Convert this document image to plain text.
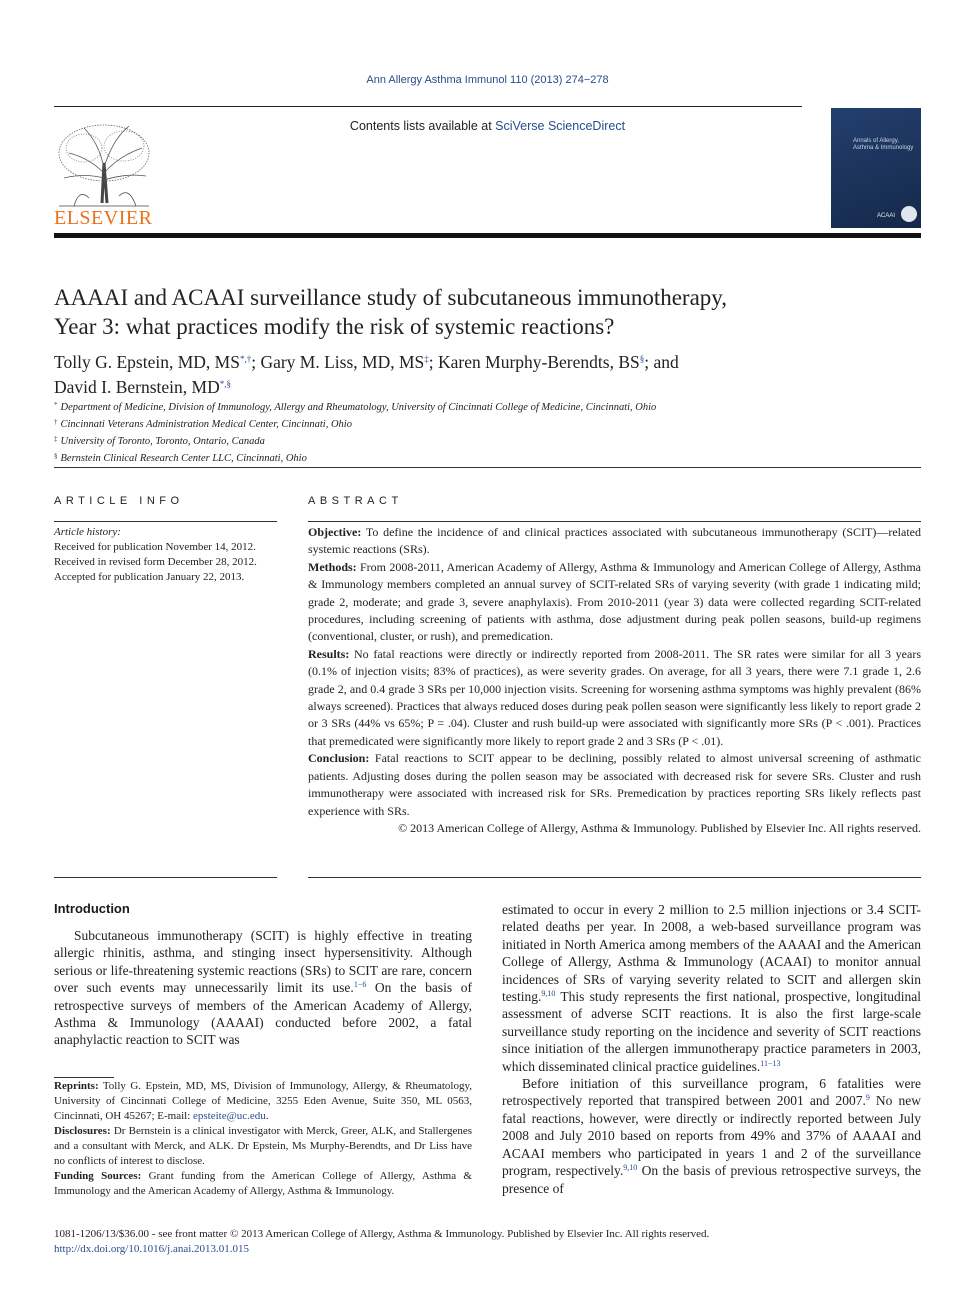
Ann Allergy Asthma Immunol 110 (2013) 274−278
ELSEVIER
Contents lists available at SciVerse ScienceDirect
Annals of Allergy, Asthma & Immunology
ACAAI
AAAAI and ACAAI surveillance study of subcutaneous immunotherapy,
Year 3: what practices modify the risk of systemic reactions?
Tolly G. Epstein, MD, MS*,†; Gary M. Liss, MD, MS‡; Karen Murphy-Berendts, BS§; and
David I. Bernstein, MD*,§
* Department of Medicine, Division of Immunology, Allergy and Rheumatology, University of Cincinnati College of Medicine, Cincinnati, Ohio
† Cincinnati Veterans Administration Medical Center, Cincinnati, Ohio
‡ University of Toronto, Toronto, Ontario, Canada
§ Bernstein Clinical Research Center LLC, Cincinnati, Ohio
ARTICLE INFO
Article history:
Received for publication November 14, 2012.
Received in revised form December 28, 2012.
Accepted for publication January 22, 2013.
ABSTRACT

Objective: To define the incidence of and clinical practices associated with subcutaneous immunotherapy (SCIT)—related systemic reactions (SRs).

Methods: From 2008-2011, American Academy of Allergy, Asthma & Immunology and American College of Allergy, Asthma & Immunology members completed an annual survey of SCIT-related SRs of varying severity (with grade 1 indicating mild; grade 2, moderate; and grade 3, severe anaphylaxis). From 2010-2011 (year 3) data were collected regarding SCIT-related procedures, including screening of patients with asthma, dose adjustment during peak pollen seasons, build-up regimens (conventional, cluster, or rush), and premedication.

Results: No fatal reactions were directly or indirectly reported from 2008-2011. The SR rates were similar for all 3 years (0.1% of injection visits; 83% of practices), as were severity grades. On average, for all 3 years, there were 7.1 grade 1, 2.6 grade 2, and 0.4 grade 3 SRs per 10,000 injection visits. Screening for worsening asthma symptoms was highly prevalent (86% always screened). Practices that always reduced doses during peak pollen season were significantly less likely to report grade 2 or 3 SRs (44% vs 65%; P = .04). Cluster and rush build-up were associated with significantly more SRs (P < .001). Practices that premedicated were significantly more likely to report grade 2 and 3 SRs (P < .01).

Conclusion: Fatal reactions to SCIT appear to be declining, possibly related to almost universal screening of asthmatic patients. Adjusting doses during the pollen season may be associated with decreased risk for severe SRs. Cluster and rush immunotherapy were associated with increased risk for SRs. Premedication by practices reporting SRs likely reflects past experience with SRs.

© 2013 American College of Allergy, Asthma & Immunology. Published by Elsevier Inc. All rights reserved.

Introduction

Subcutaneous immunotherapy (SCIT) is highly effective in treating allergic rhinitis, asthma, and stinging insect hypersensitivity. Although serious or life-threatening systemic reactions (SRs) to SCIT are rare, concern over such events may unnecessarily limit its use.$^{1-6}$ On the basis of retrospective surveys of members of the American Academy of Allergy, Asthma & Immunology (AAAAI) conducted before 2002, a fatal anaphylactic reaction to SCIT was

estimated to occur in every 2 million to 2.5 million injections or 3.4 SCIT-related deaths per year. In 2008, a web-based surveillance program was initiated in North America among members of the AAAAI and the American College of Allergy, Asthma & Immunology (ACAAI) to monitor annual incidences of SRs of varying severity related to SCIT and allergen skin testing.$^{9,10}$ This study represents the first national, prospective, longitudinal assessment of adverse SCIT reactions. It is also the first large-scale surveillance study reporting on the incidence and severity of SCIT reactions since initiation of the allergen immunotherapy practice parameters in 2003, which disseminated clinical practice guidelines.$^{11-13}$

Before initiation of this surveillance program, 6 fatalities were retrospectively reported that transpired between 2001 and 2007.$^9$ No new fatal reactions, however, were directly or indirectly reported between July 2008 and July 2010 based on reports from 49% and 37% of AAAAI and ACAAI members who participated in years 1 and 2 of the surveillance program, respectively.$^{9,10}$ On the basis of previous retrospective surveys, the presence of

Reprints: Tolly G. Epstein, MD, MS, Division of Immunology, Allergy, & Rheumatology, University of Cincinnati College of Medicine, 3255 Eden Avenue, Suite 350, ML 0563, Cincinnati, OH 45267; E-mail: epsteite@uc.edu.

Disclosures: Dr Bernstein is a clinical investigator with Merck, Greer, ALK, and Stallergenes and a consultant with Merck, and ALK. Dr Epstein, Ms Murphy-Berendts, and Dr Liss have no conflicts of interest to disclose.

Funding Sources: Grant funding from the American College of Allergy, Asthma & Immunology and the American Academy of Allergy, Asthma & Immunology.

1081-1206/13/$36.00 - see front matter © 2013 American College of Allergy, Asthma & Immunology. Published by Elsevier Inc. All rights reserved.
http://dx.doi.org/10.1016/j.anai.2013.01.015
